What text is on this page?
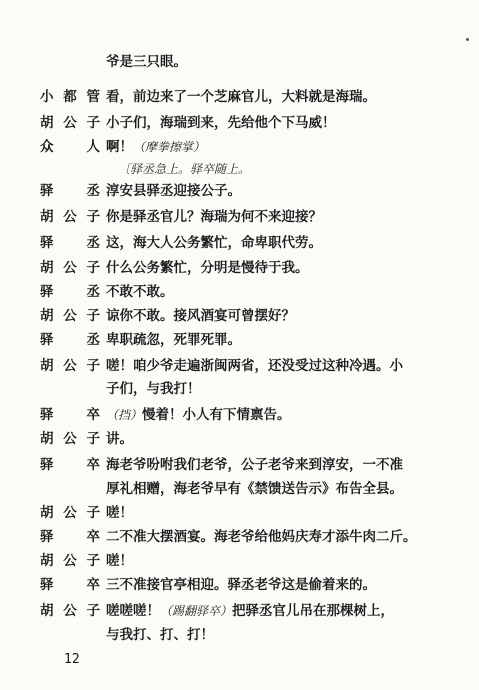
爷是三只眼。
小都管 看，前边来了一个芝麻官儿，大料就是海瑞。
胡公子 小子们，海瑞到来，先给他个下马威！
众　人 啊！（摩拳擦掌）
〔驿丞急上。驿卒随上。
驿　丞 淳安县驿丞迎接公子。
胡公子 你是驿丞官儿？海瑞为何不来迎接？
驿　丞 这，海大人公务繁忙，命卑职代劳。
胡公子 什么公务繁忙，分明是慢待于我。
驿　丞 不敢不敢。
胡公子 谅你不敢。接风酒宴可曾摆好？
驿　丞 卑职疏忽，死罪死罪。
胡公子 嗟！咱少爷走遍浙闽两省，还没受过这种冷遇。小
子们，与我打！
驿　卒 （挡）慢着！小人有下情禀告。
胡公子 讲。
驿　卒 海老爷吩咐我们老爷，公子老爷来到淳安，一不准
厚礼相赠，海老爷早有《禁馈送告示》布告全县。
胡公子 嗟！
驿　卒 二不准大摆酒宴。海老爷给他妈庆寿才添牛肉二斤。
胡公子 嗟！
驿　卒 三不准接官亭相迎。驿丞老爷这是偷着来的。
胡公子 嗟嗟嗟！（踢翻驿卒）把驿丞官儿吊在那棵树上，
与我打、打、打！
12
